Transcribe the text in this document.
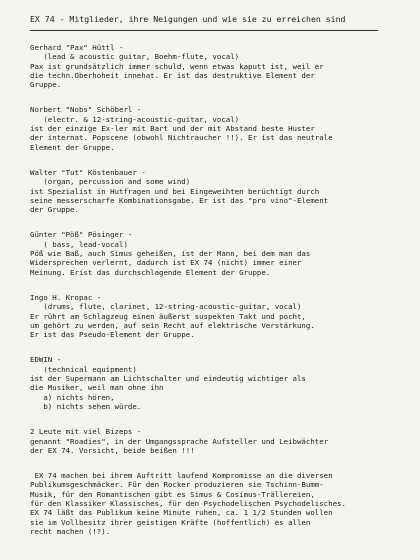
EX 74 - Mitglieder, ihre Neigungen und wie sie zu erreichen sind
Gerhard "Pax" Hüttl -
(lead & acoustic guitar, Boehm-flute, vocal)
Pax ist grundsätzlich immer schuld, wenn etwas kaputt ist, weil er
die techn.Oberhoheit innehat. Er ist das destruktive Element der
Gruppe.
Norbert "Nobs" Schöberl -
(electr. & 12-string-acoustic-guitar, vocal)
ist der einzige Ex-ler mit Bart und der mit Abstand beste Huster
der internat. Popscene (obwohl Nichtraucher !!). Er ist das neutrale
Element der Gruppe.
Walter "Tut" Köstenbauer -
(organ, percussion and some wind)
ist Spezialist in Hutfragen und bei Eingeweihten berüchtigt durch
seine messerscharfe Kombinationsgabe. Er ist das "pro vino"-Element
der Gruppe.
Günter "Pöß" Pösinger -
( bass, lead-vocal)
Pöß wie Baß, auch Simus geheißen, ist der Mann, bei dem man das
Widersprechen verlernt, dadurch ist EX 74 (nicht) immer einer
Meinung. Erist das durchschlagende Element der Gruppe.
Ingo H. Kropac -
(drums, flute, clarinet, 12-string-acoustic-guitar, vocal)
Er rührt am Schlagzeug einen äußerst suspekten Takt und pocht,
um gehört zu werden, auf sein Recht auf elektrische Verstärkung.
Er ist das Pseudo-Element der Gruppe.
EDWIN -
(technical equipment)
ist der Supermann am Lichtschalter und eindeutig wichtiger als
die Musiker, weil man ohne ihn
a) nichts hören,
b) nichts sehen würde.
2 Leute mit viel Bizeps -
genannt "Roadies", in der Umgangssprache Aufsteller und Leibwächter
der EX 74. Vorsicht, beide beißen !!!
EX 74 machen bei ihrem Auftritt laufend Kompromisse an die diversen
Publikumsgeschmäcker. Für den Rocker produzieren sie Tschinn-Bumm-
Musik, für den Romantischen gibt es Simus & Cosimus-Trällereien,
für den Klassiker Klassisches, für den Psychodelischen Psychodelisches.
EX 74 läßt das Publikum keine Minute ruhen, ca. 1 1/2 Stunden wollen
sie im Vollbesitz ihrer geistigen Kräfte (hoffentlich) es allen
recht machen (!?).
